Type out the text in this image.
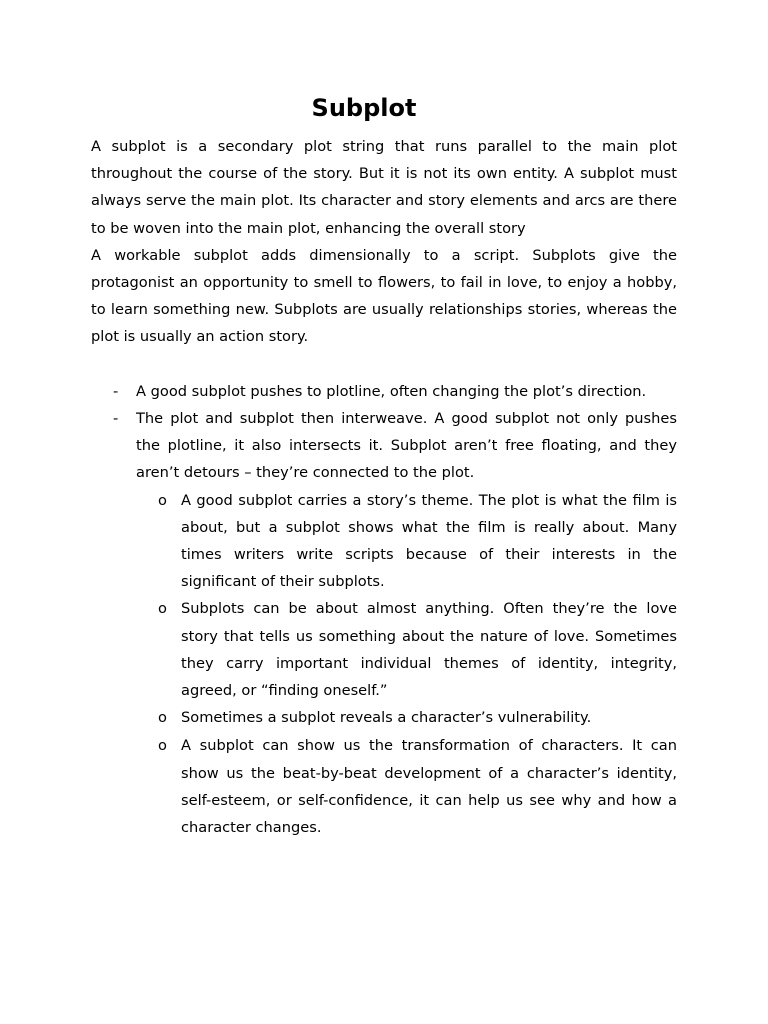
Subplot

A subplot is a secondary plot string that runs parallel to the main plot throughout the course of the story. But it is not its own entity. A subplot must always serve the main plot. Its character and story elements and arcs are there to be woven into the main plot, enhancing the overall story

A workable subplot adds dimensionally to a script. Subplots give the protagonist an opportunity to smell to flowers, to fail in love, to enjoy a hobby, to learn something new. Subplots are usually relationships stories, whereas the plot is usually an action story.

- A good subplot pushes to plotline, often changing the plot’s direction.
- The plot and subplot then interweave. A good subplot not only pushes the plotline, it also intersects it. Subplot aren’t free floating, and they aren’t detours – they’re connected to the plot.
o A good subplot carries a story’s theme. The plot is what the film is about, but a subplot shows what the film is really about. Many times writers write scripts because of their interests in the significant of their subplots.
o Subplots can be about almost anything. Often they’re the love story that tells us something about the nature of love. Sometimes they carry important individual themes of identity, integrity, agreed, or “finding oneself.”
o Sometimes a subplot reveals a character’s vulnerability.
o A subplot can show us the transformation of characters. It can show us the beat-by-beat development of a character’s identity, self-esteem, or self-confidence, it can help us see why and how a character changes.
